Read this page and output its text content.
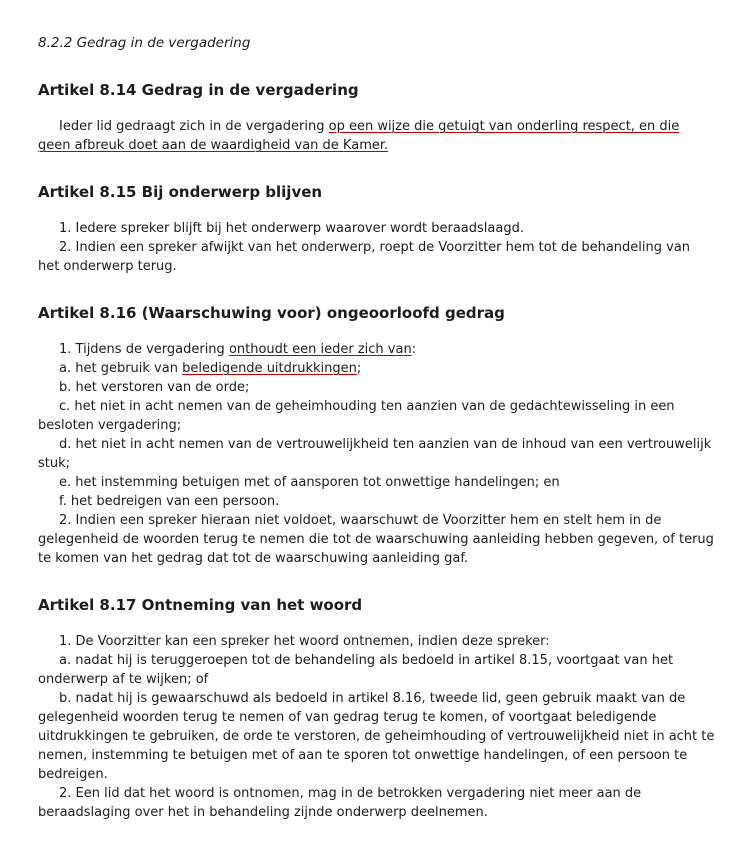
8.2.2 Gedrag in de vergadering

Artikel 8.14 Gedrag in de vergadering

Ieder lid gedraagt zich in de vergadering op een wijze die getuigt van onderling respect, en die geen afbreuk doet aan de waardigheid van de Kamer.

Artikel 8.15 Bij onderwerp blijven

1. Iedere spreker blijft bij het onderwerp waarover wordt beraadslaagd.

2. Indien een spreker afwijkt van het onderwerp, roept de Voorzitter hem tot de behandeling van het onderwerp terug.

Artikel 8.16 (Waarschuwing voor) ongeoorloofd gedrag

1. Tijdens de vergadering onthoudt een ieder zich van:

a. het gebruik van beledigende uitdrukkingen;

b. het verstoren van de orde;

c. het niet in acht nemen van de geheimhouding ten aanzien van de gedachtewisseling in een besloten vergadering;

d. het niet in acht nemen van de vertrouwelijkheid ten aanzien van de inhoud van een vertrouwelijk stuk;

e. het instemming betuigen met of aansporen tot onwettige handelingen; en

f. het bedreigen van een persoon.

2. Indien een spreker hieraan niet voldoet, waarschuwt de Voorzitter hem en stelt hem in de gelegenheid de woorden terug te nemen die tot de waarschuwing aanleiding hebben gegeven, of terug te komen van het gedrag dat tot de waarschuwing aanleiding gaf.

Artikel 8.17 Ontneming van het woord

1. De Voorzitter kan een spreker het woord ontnemen, indien deze spreker:

a. nadat hij is teruggeroepen tot de behandeling als bedoeld in artikel 8.15, voortgaat van het onderwerp af te wijken; of

b. nadat hij is gewaarschuwd als bedoeld in artikel 8.16, tweede lid, geen gebruik maakt van de gelegenheid woorden terug te nemen of van gedrag terug te komen, of voortgaat beledigende uitdrukkingen te gebruiken, de orde te verstoren, de geheimhouding of vertrouwelijkheid niet in acht te nemen, instemming te betuigen met of aan te sporen tot onwettige handelingen, of een persoon te bedreigen.

2. Een lid dat het woord is ontnomen, mag in de betrokken vergadering niet meer aan de beraadslaging over het in behandeling zijnde onderwerp deelnemen.
